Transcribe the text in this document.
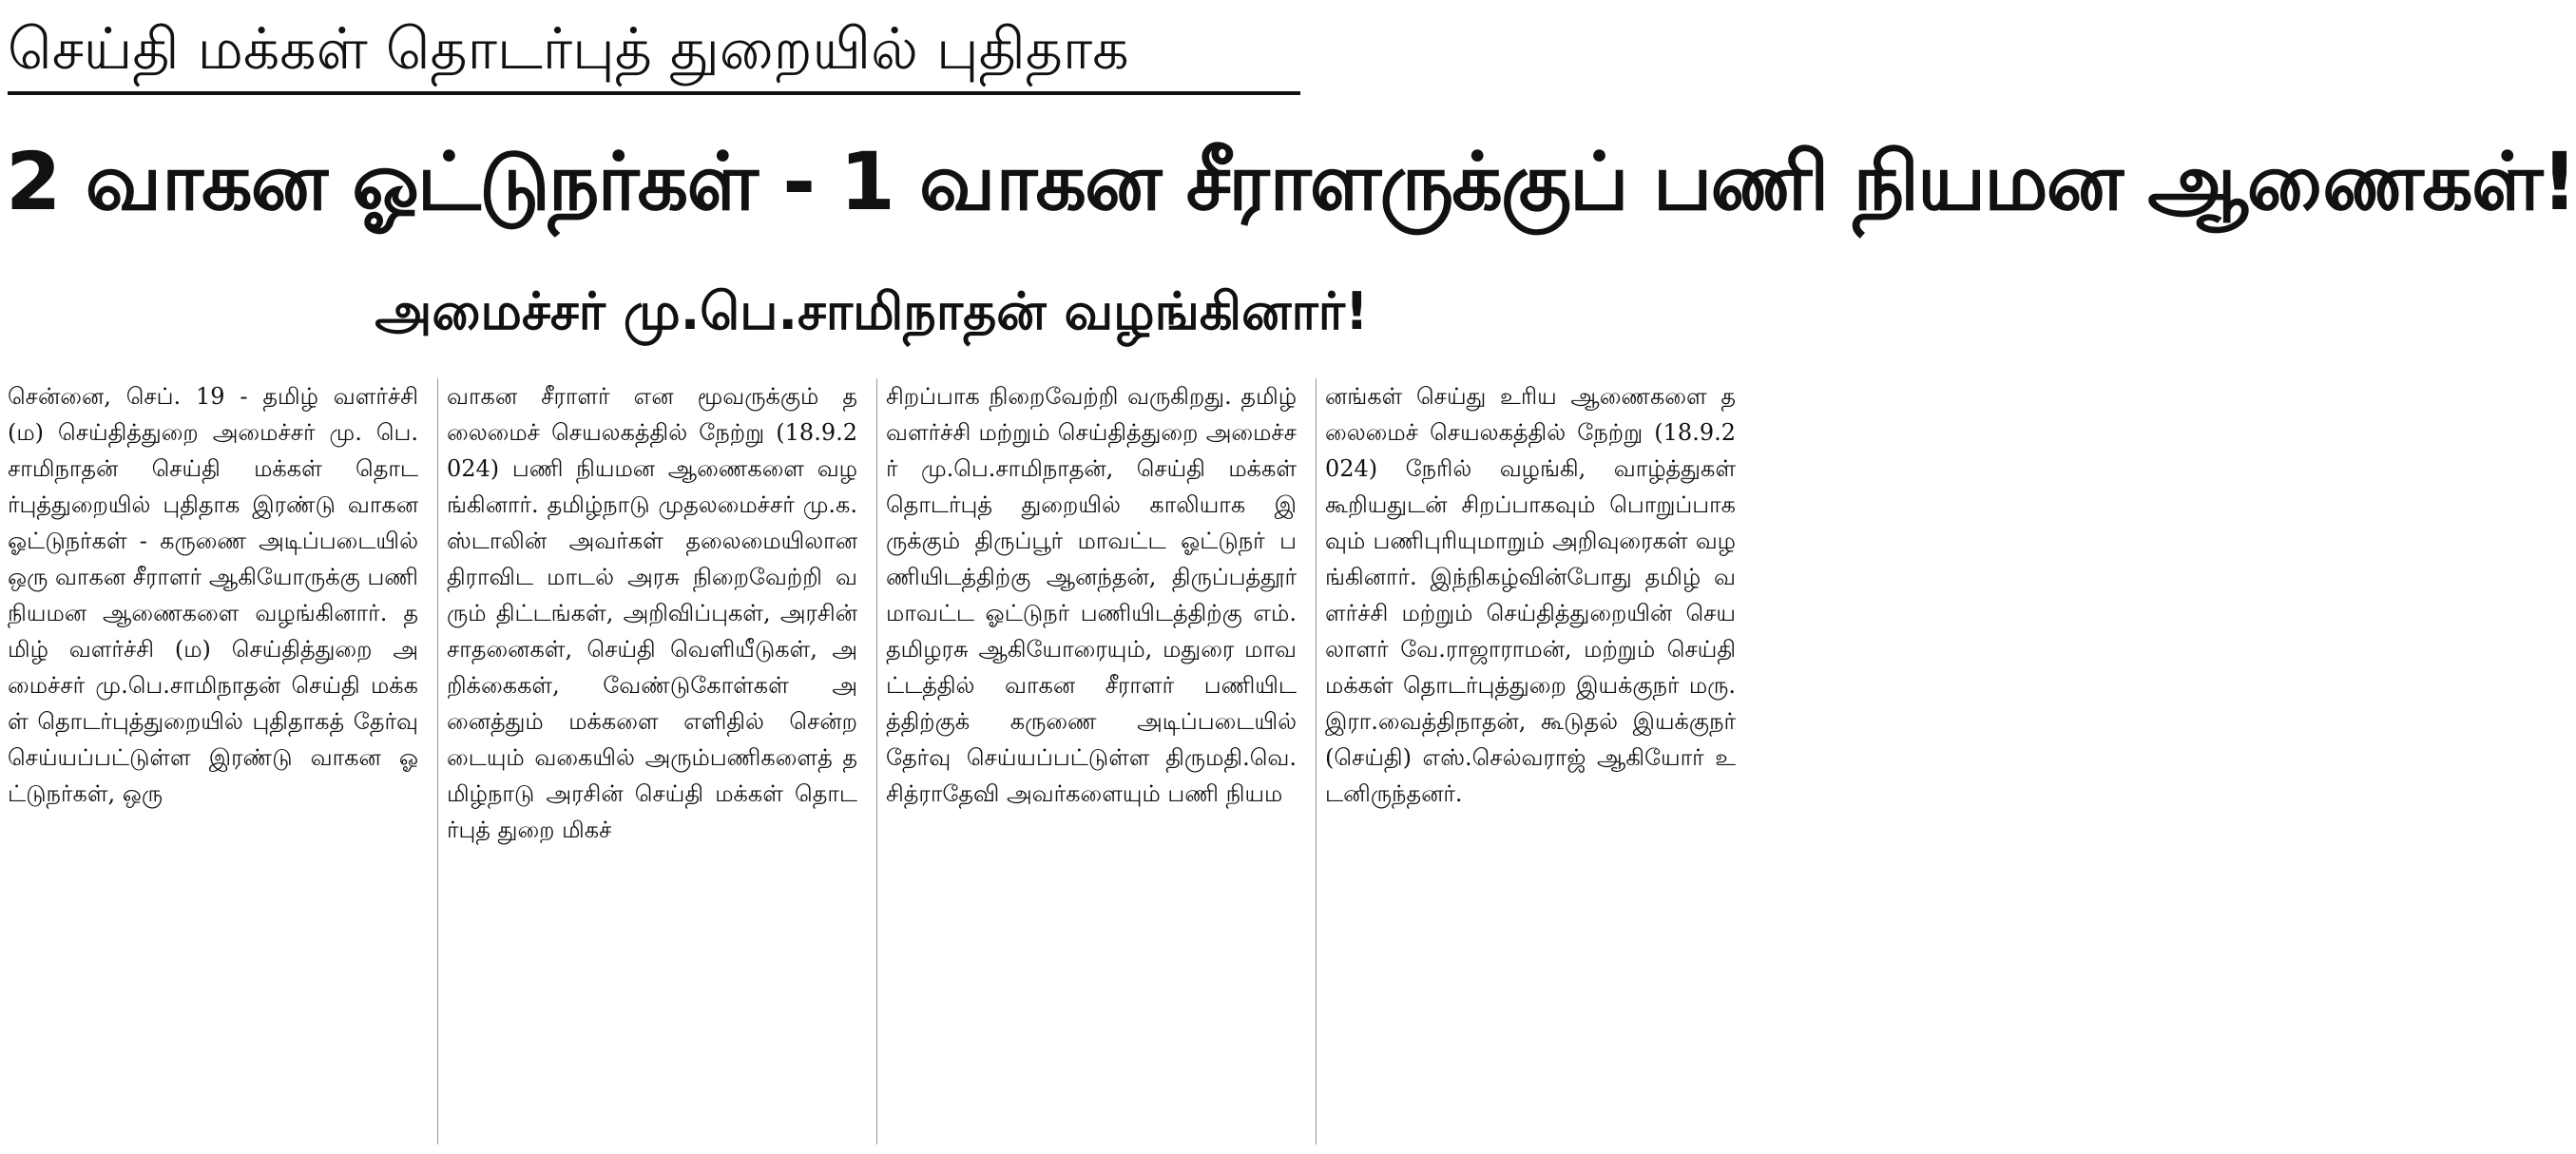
செய்தி மக்கள் தொடர்புத் துறையில் புதிதாக
2 வாகன ஓட்டுநர்கள் - 1 வாகன சீராளருக்குப் பணி நியமன ஆணைகள்!
அமைச்சர் மு.பெ.சாமிநாதன் வழங்கினார்!

சென்னை, செப். 19 - தமிழ் வளர்ச்சி (ம) செய்தித்துறை அமைச்சர் மு. பெ.சாமிநாதன் செய்தி மக்கள் தொடர்புத்துறையில் புதிதாக இரண்டு வாகன ஓட்டுநர்கள் - கருணை அடிப்படையில் ஒரு வாகன சீராளர் ஆகியோருக்கு பணி நியமன ஆணைகளை வழங்கினார். தமிழ் வளர்ச்சி (ம) செய்தித்துறை அமைச்சர் மு.பெ.சாமிநாதன் செய்தி மக்கள் தொடர்புத்துறையில் புதிதாகத் தேர்வு செய்யப்பட்டுள்ள இரண்டு வாகன ஓட்டுநர்கள், ஒரு

வாகன சீராளர் என மூவருக்கும் தலைமைச் செயலகத்தில் நேற்று (18.9.2024) பணி நியமன ஆணைகளை வழங்கினார். தமிழ்நாடு முதலமைச்சர் மு.க.ஸ்டாலின் அவர்கள் தலைமையிலான திராவிட மாடல் அரசு நிறைவேற்றி வரும் திட்டங்கள், அறிவிப்புகள், அரசின் சாதனைகள், செய்தி வெளியீடுகள், அறிக்கைகள், வேண்டுகோள்கள் அனைத்தும் மக்களை எளிதில் சென்றடையும் வகையில் அரும்பணிகளைத் தமிழ்நாடு அரசின் செய்தி மக்கள் தொடர்புத் துறை மிகச்

சிறப்பாக நிறைவேற்றி வருகிறது. தமிழ் வளர்ச்சி மற்றும் செய்தித்துறை அமைச்சர் மு.பெ.சாமிநாதன், செய்தி மக்கள் தொடர்புத் துறையில் காலியாக இருக்கும் திருப்பூர் மாவட்ட ஓட்டுநர் பணியிடத்திற்கு ஆனந்தன், திருப்பத்தூர் மாவட்ட ஓட்டுநர் பணியிடத்திற்கு எம். தமிழரசு ஆகியோரையும், மதுரை மாவட்டத்தில் வாகன சீராளர் பணியிடத்திற்குக் கருணை அடிப்படையில் தேர்வு செய்யப்பட்டுள்ள திருமதி.வெ.சித்ராதேவி அவர்களையும் பணி நியம

னங்கள் செய்து உரிய ஆணைகளை தலைமைச் செயலகத்தில் நேற்று (18.9.2024) நேரில் வழங்கி, வாழ்த்துகள் கூறியதுடன் சிறப்பாகவும் பொறுப்பாகவும் பணிபுரியுமாறும் அறிவுரைகள் வழங்கினார். இந்நிகழ்வின்போது தமிழ் வளர்ச்சி மற்றும் செய்தித்துறையின் செயலாளர் வே.ராஜாராமன், மற்றும் செய்தி மக்கள் தொடர்புத்துறை இயக்குநர் மரு. இரா.வைத்திநாதன், கூடுதல் இயக்குநர் (செய்தி) எஸ்.செல்வராஜ் ஆகியோர் உடனிருந்தனர்.
